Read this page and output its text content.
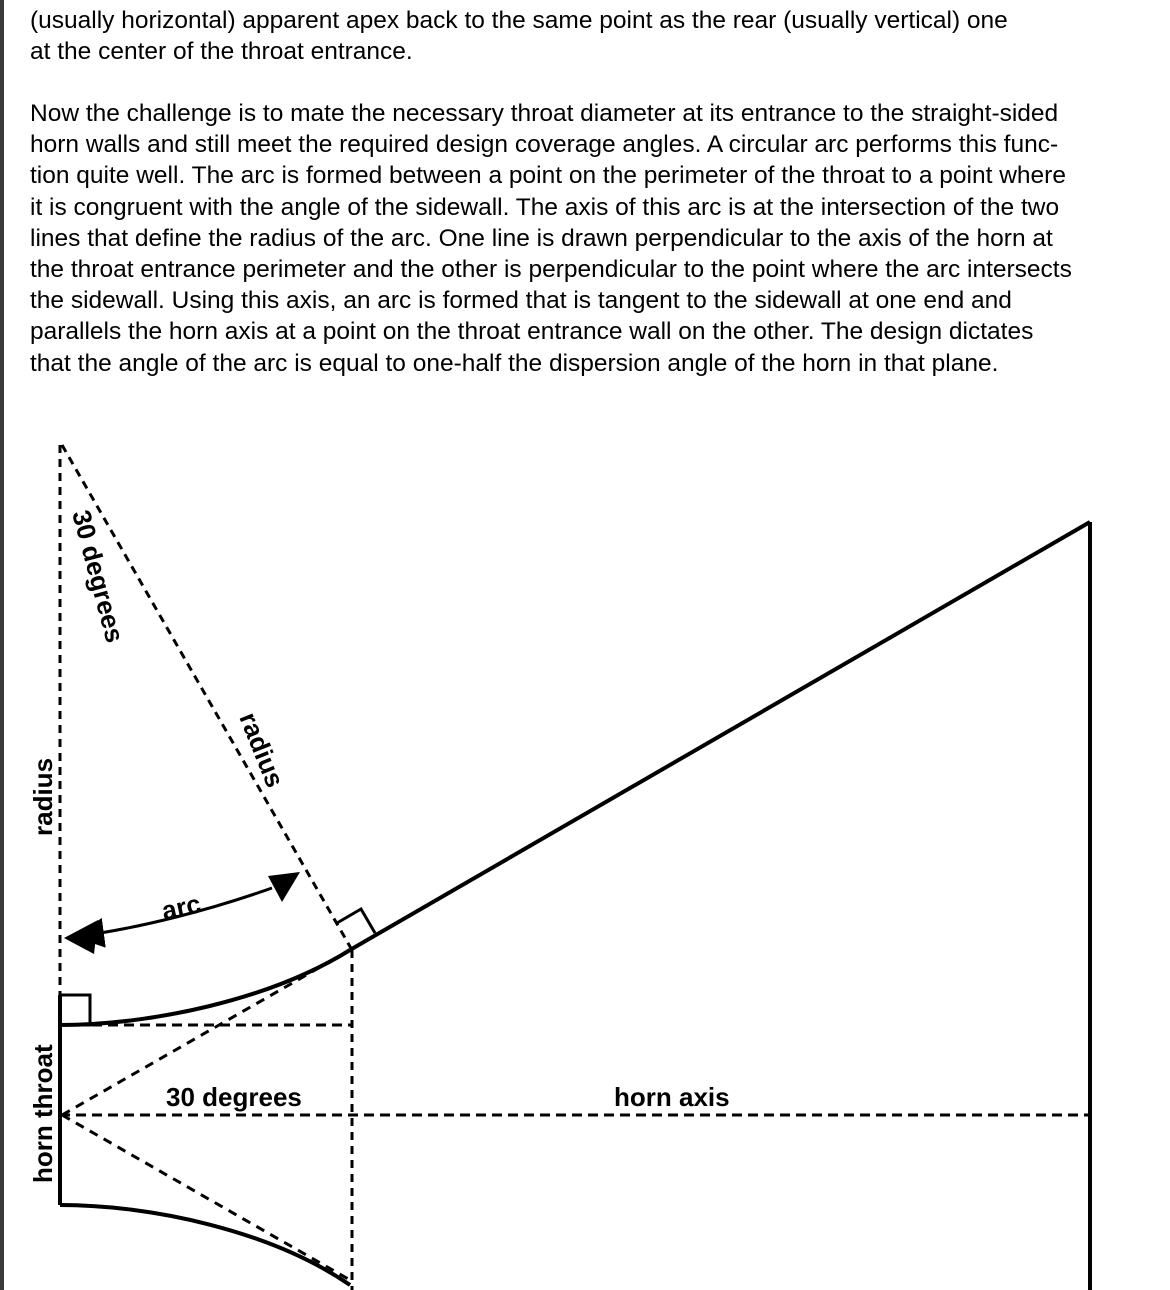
(usually horizontal) apparent apex back to the same point as the rear (usually vertical) one
at the center of the throat entrance.

Now the challenge is to mate the necessary throat diameter at its entrance to the straight-sided
horn walls and still meet the required design coverage angles. A circular arc performs this func-
tion quite well. The arc is formed between a point on the perimeter of the throat to a point where
it is congruent with the angle of the sidewall. The axis of this arc is at the intersection of the two
lines that define the radius of the arc. One line is drawn perpendicular to the axis of the horn at
the throat entrance perimeter and the other is perpendicular to the point where the arc intersects
the sidewall. Using this axis, an arc is formed that is tangent to the sidewall at one end and
parallels the horn axis at a point on the throat entrance wall on the other. The design dictates
that the angle of the arc is equal to one-half the dispersion angle of the horn in that plane.

30 degrees
radius
radius
arc
30 degrees	horn axis
horn throat
